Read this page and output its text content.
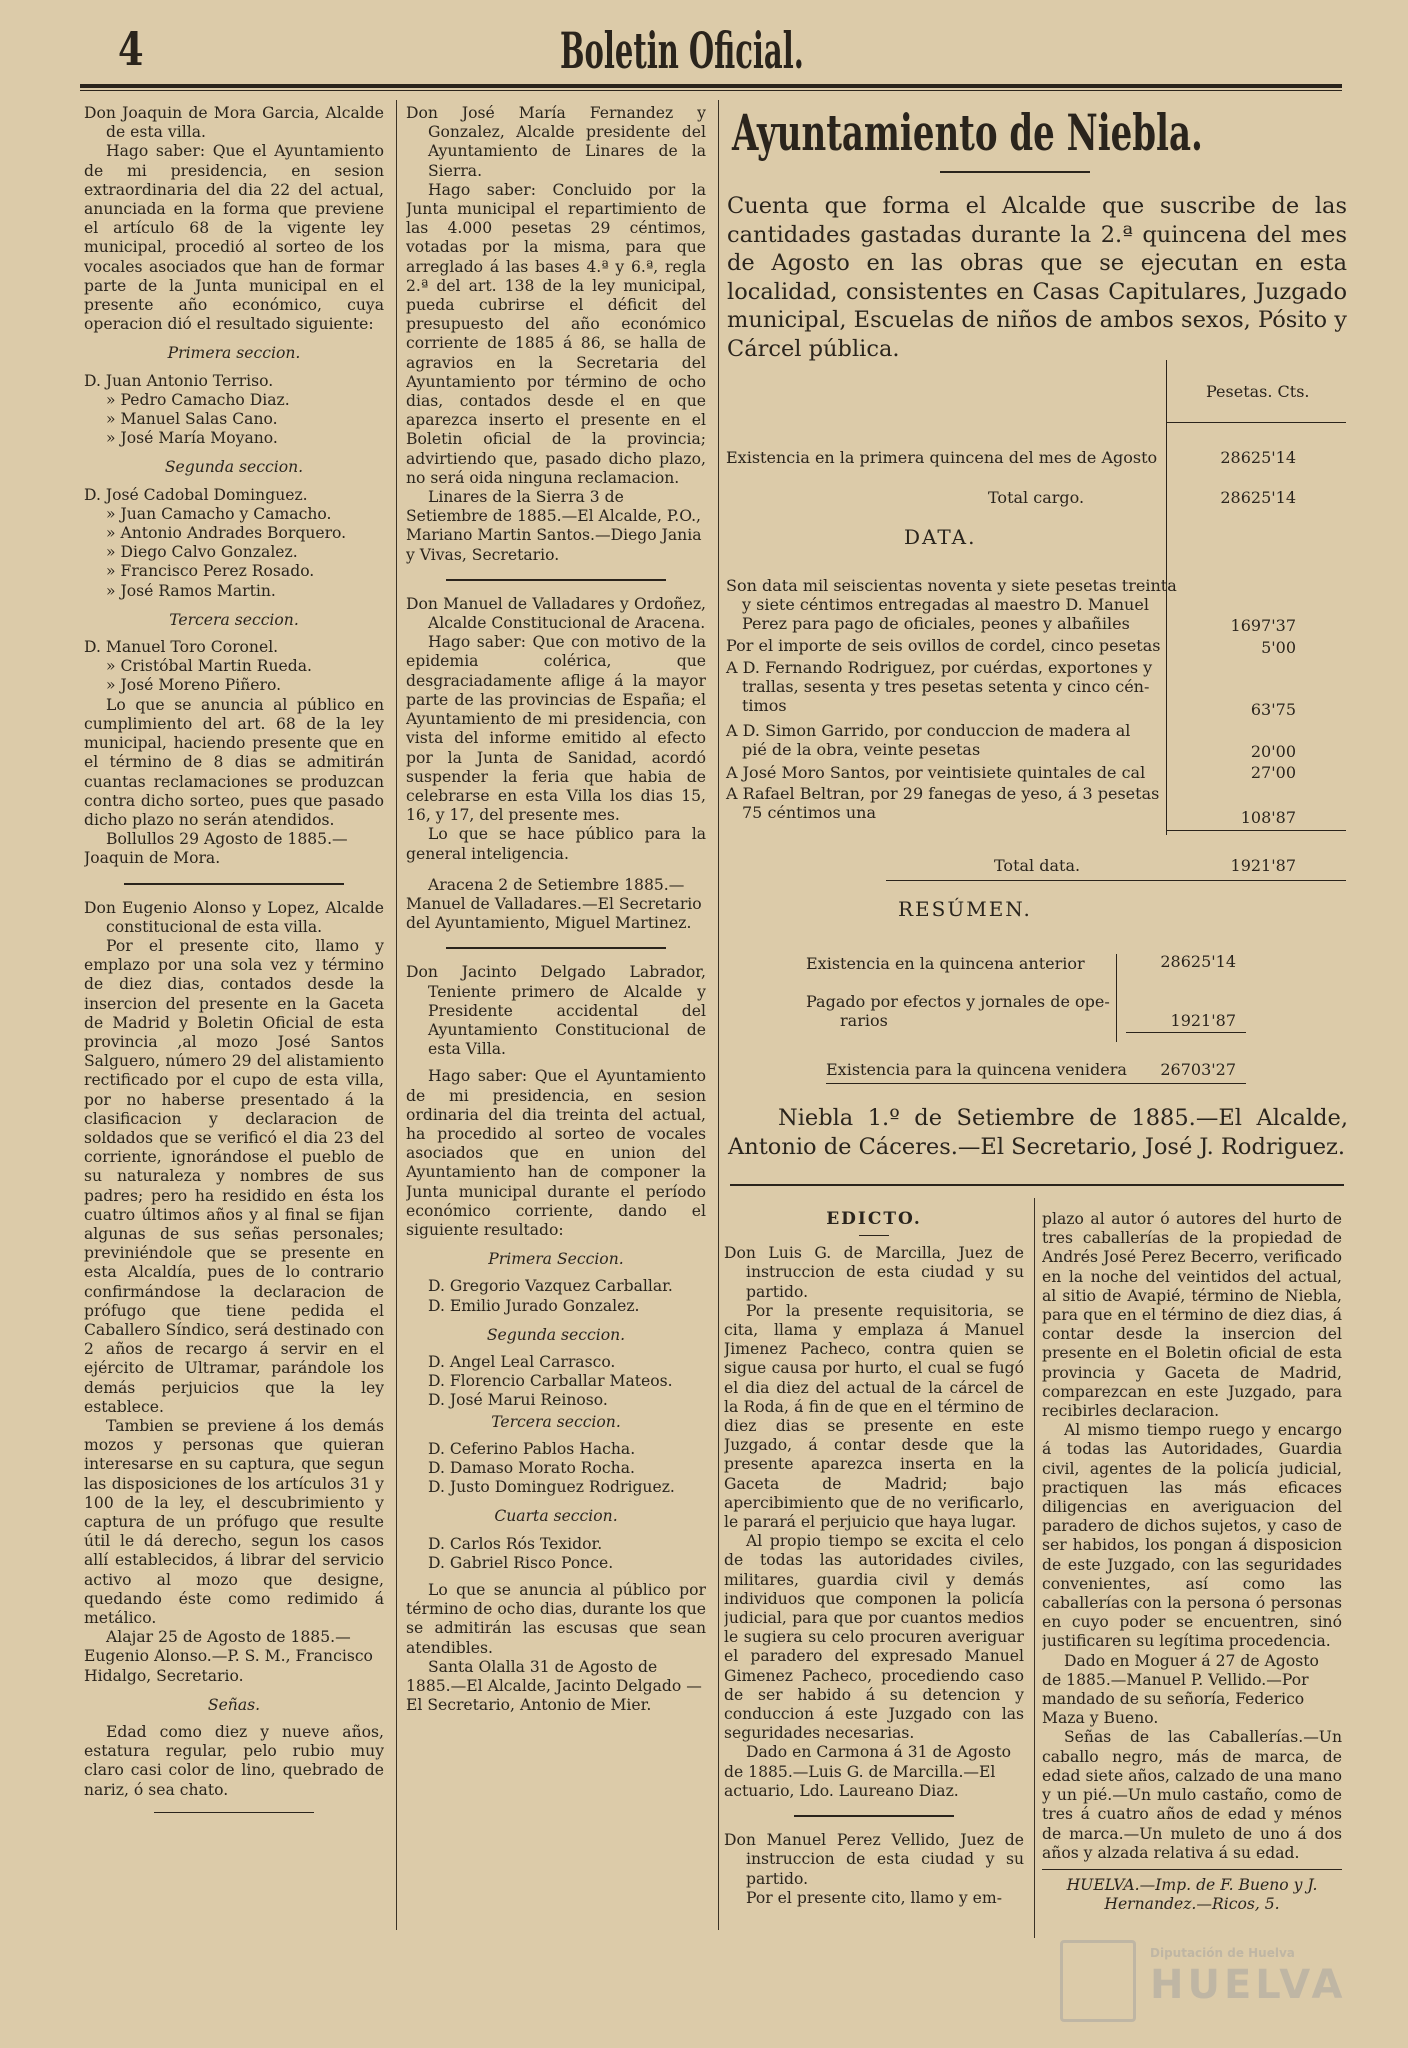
4	Boletin Oficial.

Don Joaquin de Mora Garcia, Alcalde de esta villa.

Hago saber: Que el Ayuntamiento de mi presidencia, en sesion extraordinaria del dia 22 del actual, anunciada en la forma que previene el artículo 68 de la vigente ley municipal, procedió al sorteo de los vocales asociados que han de formar parte de la Junta municipal en el presente año económico, cuya operacion dió el resultado siguiente:

Primera seccion.

D. Juan Antonio Terriso.

» Pedro Camacho Diaz.

» Manuel Salas Cano.

» José María Moyano.

Segunda seccion.

D. José Cadobal Dominguez.

» Juan Camacho y Camacho.

» Antonio Andrades Borquero.

» Diego Calvo Gonzalez.

» Francisco Perez Rosado.

» José Ramos Martin.

Tercera seccion.

D. Manuel Toro Coronel.

» Cristóbal Martin Rueda.

» José Moreno Piñero.

Lo que se anuncia al público en cumplimiento del art. 68 de la ley municipal, haciendo presente que en el término de 8 dias se admitirán cuantas reclamaciones se produzcan contra dicho sorteo, pues que pasado dicho plazo no serán atendidos.

Bollullos 29 Agosto de 1885.— Joaquin de Mora.

Don Eugenio Alonso y Lopez, Alcalde constitucional de esta villa.

Por el presente cito, llamo y emplazo por una sola vez y término de diez dias, contados desde la insercion del presente en la Gaceta de Madrid y Boletin Oficial de esta provincia ,al mozo José Santos Salguero, número 29 del alistamiento rectificado por el cupo de esta villa, por no haberse presentado á la clasificacion y declaracion de soldados que se verificó el dia 23 del corriente, ignorándose el pueblo de su naturaleza y nombres de sus padres; pero ha residido en ésta los cuatro últimos años y al final se fijan algunas de sus señas personales; previniéndole que se presente en esta Alcaldía, pues de lo contrario confirmándose la declaracion de prófugo que tiene pedida el Caballero Síndico, será destinado con 2 años de recargo á servir en el ejército de Ultramar, parándole los demás perjuicios que la ley establece.

Tambien se previene á los demás mozos y personas que quieran interesarse en su captura, que segun las disposiciones de los artículos 31 y 100 de la ley, el descubrimiento y captura de un prófugo que resulte útil le dá derecho, segun los casos allí establecidos, á librar del servicio activo al mozo que designe, quedando éste como redimido á metálico.

Alajar 25 de Agosto de 1885.— Eugenio Alonso.—P. S. M., Francisco Hidalgo, Secretario.

Señas.

Edad como diez y nueve años, estatura regular, pelo rubio muy claro casi color de lino, quebrado de nariz, ó sea chato.

Don José María Fernandez y Gonzalez, Alcalde presidente del Ayuntamiento de Linares de la Sierra.

Hago saber: Concluido por la Junta municipal el repartimiento de las 4.000 pesetas 29 céntimos, votadas por la misma, para que arreglado á las bases 4.ª y 6.ª, regla 2.ª del art. 138 de la ley municipal, pueda cubrirse el déficit del presupuesto del año económico corriente de 1885 á 86, se halla de agravios en la Secretaria del Ayuntamiento por término de ocho dias, contados desde el en que aparezca inserto el presente en el Boletin oficial de la provincia; advirtiendo que, pasado dicho plazo, no será oida ninguna reclamacion.

Linares de la Sierra 3 de Setiembre de 1885.—El Alcalde, P.O., Mariano Martin Santos.—Diego Jania y Vivas, Secretario.

Don Manuel de Valladares y Ordoñez, Alcalde Constitucional de Aracena.

Hago saber: Que con motivo de la epidemia colérica, que desgraciadamente aflige á la mayor parte de las provincias de España; el Ayuntamiento de mi presidencia, con vista del informe emitido al efecto por la Junta de Sanidad, acordó suspender la feria que habia de celebrarse en esta Villa los dias 15, 16, y 17, del presente mes.

Lo que se hace público para la general inteligencia.

Aracena 2 de Setiembre 1885.— Manuel de Valladares.—El Secretario del Ayuntamiento, Miguel Martinez.

Don Jacinto Delgado Labrador, Teniente primero de Alcalde y Presidente accidental del Ayuntamiento Constitucional de esta Villa.

Hago saber: Que el Ayuntamiento de mi presidencia, en sesion ordinaria del dia treinta del actual, ha procedido al sorteo de vocales asociados que en union del Ayuntamiento han de componer la Junta municipal durante el período económico corriente, dando el siguiente resultado:

Primera Seccion.

D. Gregorio Vazquez Carballar.

D. Emilio Jurado Gonzalez.

Segunda seccion.

D. Angel Leal Carrasco.

D. Florencio Carballar Mateos.

D. José Marui Reinoso.

Tercera seccion.

D. Ceferino Pablos Hacha.

D. Damaso Morato Rocha.

D. Justo Dominguez Rodriguez.

Cuarta seccion.

D. Carlos Rós Texidor.

D. Gabriel Risco Ponce.

Lo que se anuncia al público por término de ocho dias, durante los que se admitirán las escusas que sean atendibles.

Santa Olalla 31 de Agosto de 1885.—El Alcalde, Jacinto Delgado —El Secretario, Antonio de Mier.

Ayuntamiento de Niebla.

Cuenta que forma el Alcalde que suscribe de las cantidades gastadas durante la 2.ª quincena del mes de Agosto en las obras que se ejecutan en esta localidad, consistentes en Casas Capitulares, Juzgado municipal, Escuelas de niños de ambos sexos, Pósito y Cárcel pública.

Pesetas. Cts.
Existencia en la primera quincena del mes de Agosto	28625'14
Total cargo.	28625'14
DATA.
Son data mil seiscientas noventa y siete pesetas treinta
y siete céntimos entregadas al maestro D. Manuel
Perez para pago de oficiales, peones y albañiles	1697'37
Por el importe de seis ovillos de cordel, cinco pesetas	5'00
A D. Fernando Rodriguez, por cuérdas, exportones y
trallas, sesenta y tres pesetas setenta y cinco cén-
timos	63'75
A D. Simon Garrido, por conduccion de madera al
pié de la obra, veinte pesetas	20'00
A José Moro Santos, por veintisiete quintales de cal	27'00
A Rafael Beltran, por 29 fanegas de yeso, á 3 pesetas
75 céntimos una	108'87
Total data.	1921'87
RESÚMEN.
Existencia en la quincena anterior	28625'14
Pagado por efectos y jornales de ope-
rarios	1921'87
Existencia para la quincena venidera	26703'27

Niebla 1.º de Setiembre de 1885.—El Alcalde, Antonio de Cáceres.—El Secretario, José J. Rodriguez.

EDICTO.

Don Luis G. de Marcilla, Juez de instruccion de esta ciudad y su partido.

Por la presente requisitoria, se cita, llama y emplaza á Manuel Jimenez Pacheco, contra quien se sigue causa por hurto, el cual se fugó el dia diez del actual de la cárcel de la Roda, á fin de que en el término de diez dias se presente en este Juzgado, á contar desde que la presente aparezca inserta en la Gaceta de Madrid; bajo apercibimiento que de no verificarlo, le parará el perjuicio que haya lugar.

Al propio tiempo se excita el celo de todas las autoridades civiles, militares, guardia civil y demás individuos que componen la policía judicial, para que por cuantos medios le sugiera su celo procuren averiguar el paradero del expresado Manuel Gimenez Pacheco, procediendo caso de ser habido á su detencion y conduccion á este Juzgado con las seguridades necesarias.

Dado en Carmona á 31 de Agosto de 1885.—Luis G. de Marcilla.—El actuario, Ldo. Laureano Diaz.

Don Manuel Perez Vellido, Juez de instruccion de esta ciudad y su partido.

Por el presente cito, llamo y em-

plazo al autor ó autores del hurto de tres caballerías de la propiedad de Andrés José Perez Becerro, verificado en la noche del veintidos del actual, al sitio de Avapié, término de Niebla, para que en el término de diez dias, á contar desde la insercion del presente en el Boletin oficial de esta provincia y Gaceta de Madrid, comparezcan en este Juzgado, para recibirles declaracion.

Al mismo tiempo ruego y encargo á todas las Autoridades, Guardia civil, agentes de la policía judicial, practiquen las más eficaces diligencias en averiguacion del paradero de dichos sujetos, y caso de ser habidos, los pongan á disposicion de este Juzgado, con las seguridades convenientes, así como las caballerías con la persona ó personas en cuyo poder se encuentren, sinó justificaren su legítima procedencia.

Dado en Moguer á 27 de Agosto de 1885.—Manuel P. Vellido.—Por mandado de su señoría, Federico Maza y Bueno.

Señas de las Caballerías.—Un caballo negro, más de marca, de edad siete años, calzado de una mano y un pié.—Un mulo castaño, como de tres á cuatro años de edad y ménos de marca.—Un muleto de uno á dos años y alzada relativa á su edad.

HUELVA.—Imp. de F. Bueno y J. Hernandez.—Ricos, 5.

Diputación de Huelva
HUELVA
